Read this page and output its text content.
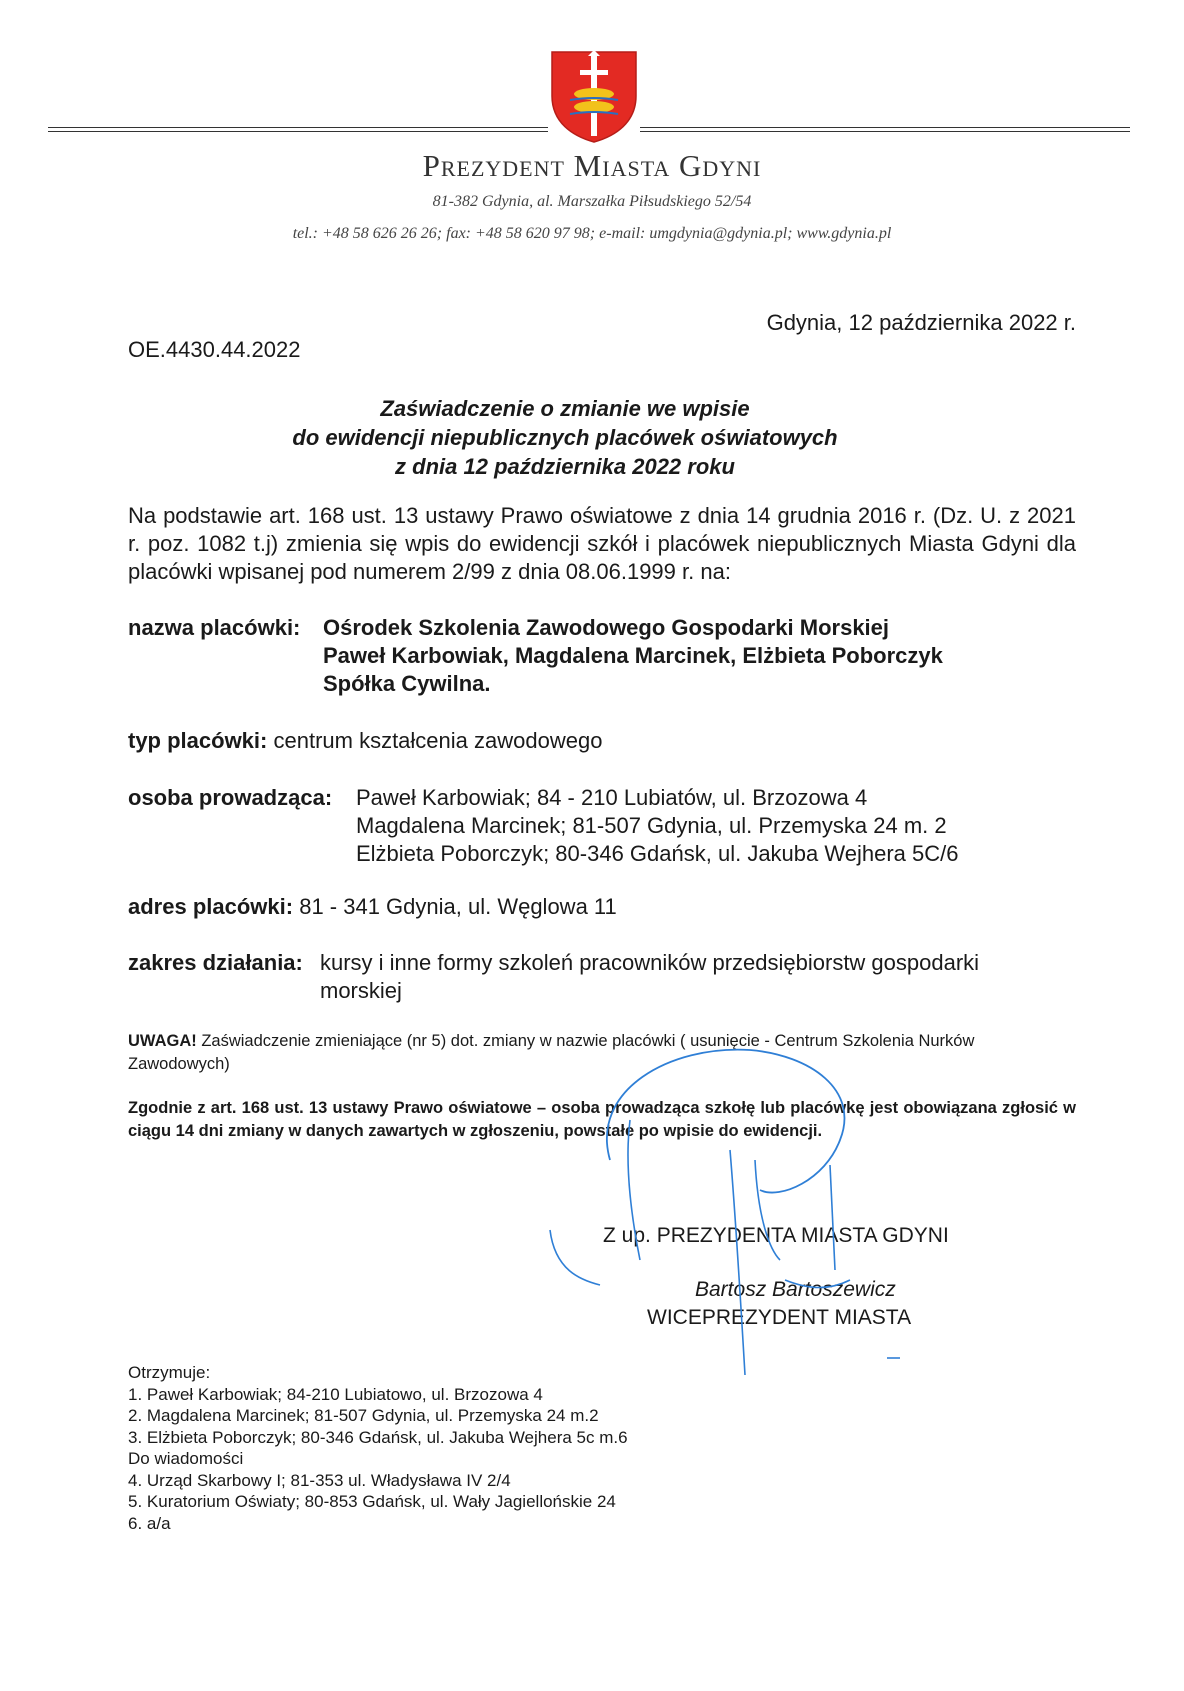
Prezydent Miasta Gdyni
81-382 Gdynia, al. Marszałka Piłsudskiego 52/54
tel.: +48 58 626 26 26; fax: +48 58 620 97 98; e-mail: umgdynia@gdynia.pl; www.gdynia.pl
Gdynia, 12 października 2022 r.
OE.4430.44.2022
Zaświadczenie o zmianie we wpisie
do ewidencji niepublicznych placówek oświatowych
z dnia 12 października 2022 roku
Na podstawie art. 168 ust. 13 ustawy Prawo oświatowe z dnia 14 grudnia 2016 r. (Dz. U. z 2021 r. poz. 1082 t.j) zmienia się wpis do ewidencji szkół i placówek niepublicznych Miasta Gdyni dla placówki wpisanej pod numerem 2/99 z dnia 08.06.1999 r. na:
nazwa placówki: Ośrodek Szkolenia Zawodowego Gospodarki Morskiej
Paweł Karbowiak, Magdalena Marcinek, Elżbieta Poborczyk
Spółka Cywilna.
typ placówki: centrum kształcenia zawodowego
osoba prowadząca: Paweł Karbowiak; 84 - 210 Lubiatów, ul. Brzozowa 4
Magdalena Marcinek; 81-507 Gdynia, ul. Przemyska 24 m. 2
Elżbieta Poborczyk; 80-346 Gdańsk, ul. Jakuba Wejhera 5C/6
adres placówki: 81 - 341 Gdynia, ul. Węglowa 11
zakres działania: kursy i inne formy szkoleń pracowników przedsiębiorstw gospodarki
morskiej
UWAGA! Zaświadczenie zmieniające (nr 5) dot. zmiany w nazwie placówki ( usunięcie - Centrum Szkolenia Nurków Zawodowych)
Zgodnie z art. 168 ust. 13 ustawy Prawo oświatowe – osoba prowadząca szkołę lub placówkę jest obowiązana zgłosić w ciągu 14 dni zmiany w danych zawartych w zgłoszeniu, powstałe po wpisie do ewidencji.
Z up. PREZYDENTA MIASTA GDYNI
Bartosz Bartoszewicz
WICEPREZYDENT MIASTA
Otrzymuje:
1. Paweł Karbowiak; 84-210 Lubiatowo, ul. Brzozowa 4
2. Magdalena Marcinek; 81-507 Gdynia, ul. Przemyska 24 m.2
3. Elżbieta Poborczyk; 80-346 Gdańsk, ul. Jakuba Wejhera 5c m.6
Do wiadomości
4. Urząd Skarbowy I; 81-353 ul. Władysława IV 2/4
5. Kuratorium Oświaty; 80-853 Gdańsk, ul. Wały Jagiellońskie 24
6. a/a
